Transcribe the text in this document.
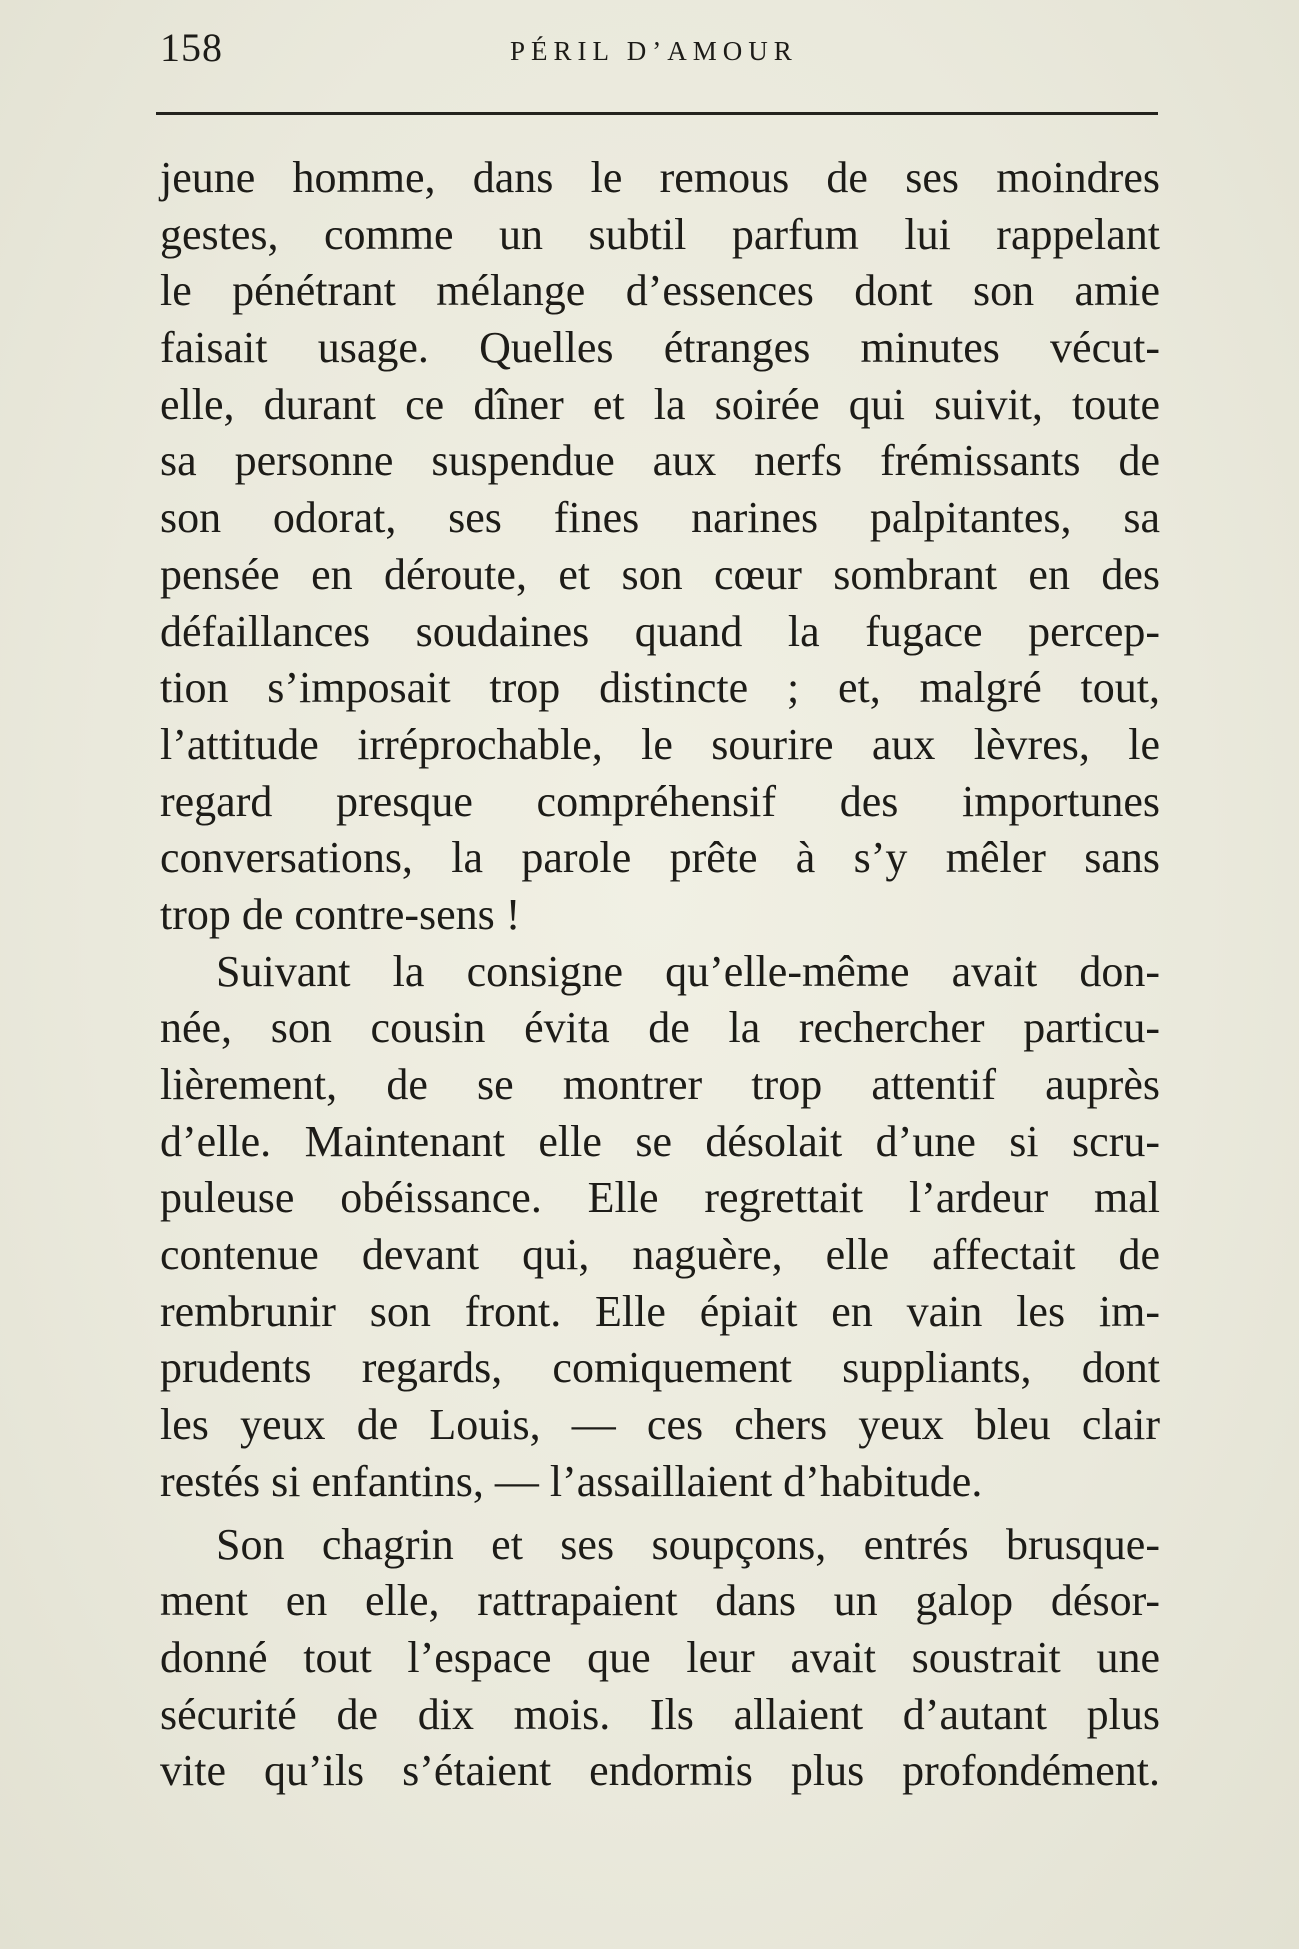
158	PÉRIL D’AMOUR
jeune homme, dans le remous de ses moindres
gestes, comme un subtil parfum lui rappelant
le pénétrant mélange d’essences dont son amie
faisait usage. Quelles étranges minutes vécut-
elle, durant ce dîner et la soirée qui suivit, toute
sa personne suspendue aux nerfs frémissants de
son odorat, ses fines narines palpitantes, sa
pensée en déroute, et son cœur sombrant en des
défaillances soudaines quand la fugace percep-
tion s’imposait trop distincte ; et, malgré tout,
l’attitude irréprochable, le sourire aux lèvres, le
regard presque compréhensif des importunes
conversations, la parole prête à s’y mêler sans
trop de contre-sens !
Suivant la consigne qu’elle-même avait don-
née, son cousin évita de la rechercher particu-
lièrement, de se montrer trop attentif auprès
d’elle. Maintenant elle se désolait d’une si scru-
puleuse obéissance. Elle regrettait l’ardeur mal
contenue devant qui, naguère, elle affectait de
rembrunir son front. Elle épiait en vain les im-
prudents regards, comiquement suppliants, dont
les yeux de Louis, — ces chers yeux bleu clair
restés si enfantins, — l’assaillaient d’habitude.
Son chagrin et ses soupçons, entrés brusque-
ment en elle, rattrapaient dans un galop désor-
donné tout l’espace que leur avait soustrait une
sécurité de dix mois. Ils allaient d’autant plus
vite qu’ils s’étaient endormis plus profondément.
